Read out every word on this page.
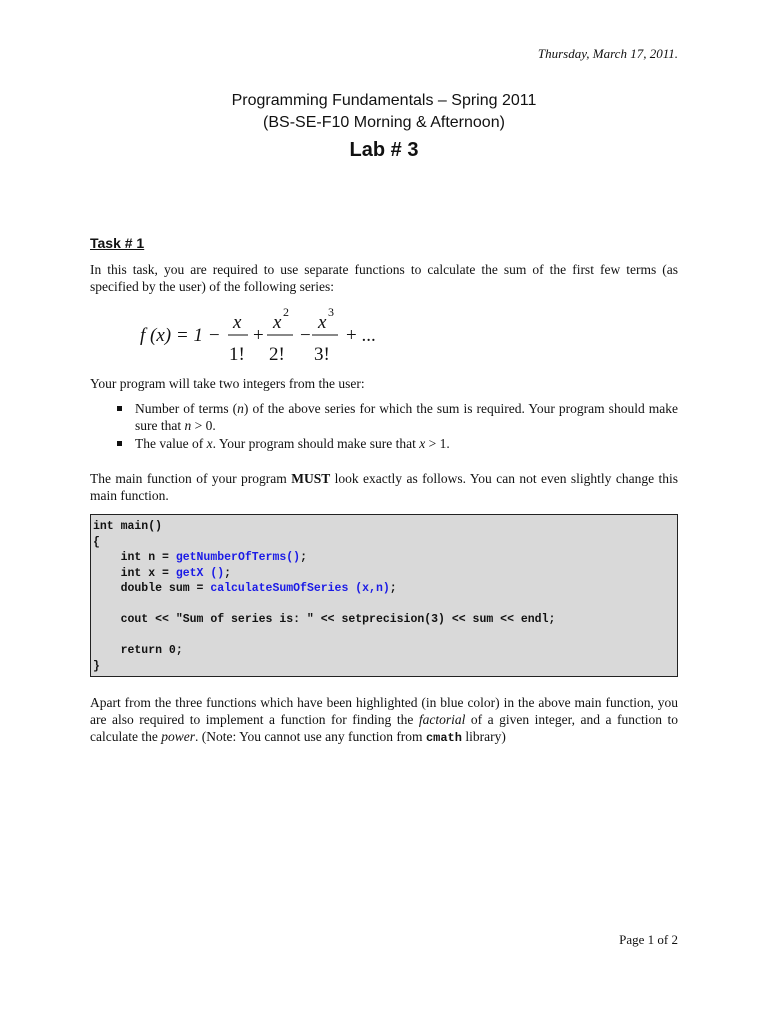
Thursday, March 17, 2011.
Programming Fundamentals – Spring 2011
(BS-SE-F10 Morning & Afternoon)
Lab # 3
Task # 1

In this task, you are required to use separate functions to calculate the sum of the first few terms (as specified by the user) of the following series:

f (x) = 1 −
x
1!
+
x 2
2!
−
x 3
3!
+ ...

Your program will take two integers from the user:

Number of terms (n) of the above series for which the sum is required. Your program should make sure that n > 0.
The value of x. Your program should make sure that x > 1.

The main function of your program MUST look exactly as follows. You can not even slightly change this main function.

int main()
{
int n = getNumberOfTerms();
int x = getX ();
double sum = calculateSumOfSeries (x,n);
cout << "Sum of series is: " << setprecision(3) << sum << endl;
return 0;
}

Apart from the three functions which have been highlighted (in blue color) in the above main function, you are also required to implement a function for finding the factorial of a given integer, and a function to calculate the power. (Note: You cannot use any function from cmath library)

Page 1 of 2
